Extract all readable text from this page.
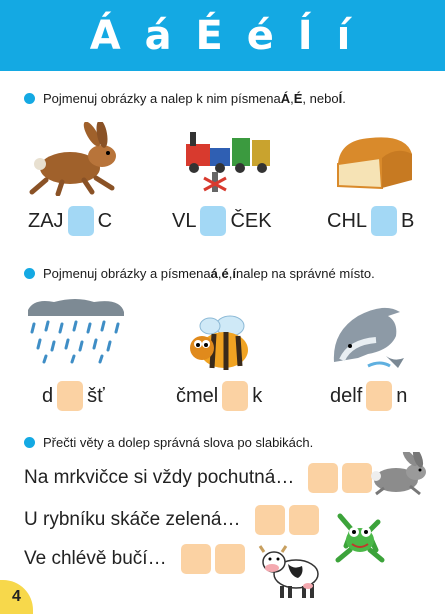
Á á É é Í í
Pojmenuj obrázky a nalep k nim písmena Á , É , nebo Í .
ZAJ C	VL ČEK	CHL B
Pojmenuj obrázky a písmena á , é , í nalep na správné místo.
d šť	čmel k	delf n
Přečti věty a dolep správná slova po slabikách.
Na mrkvičce si vždy pochutná…
U rybníku skáče zelená…
Ve chlévě bučí…
4
